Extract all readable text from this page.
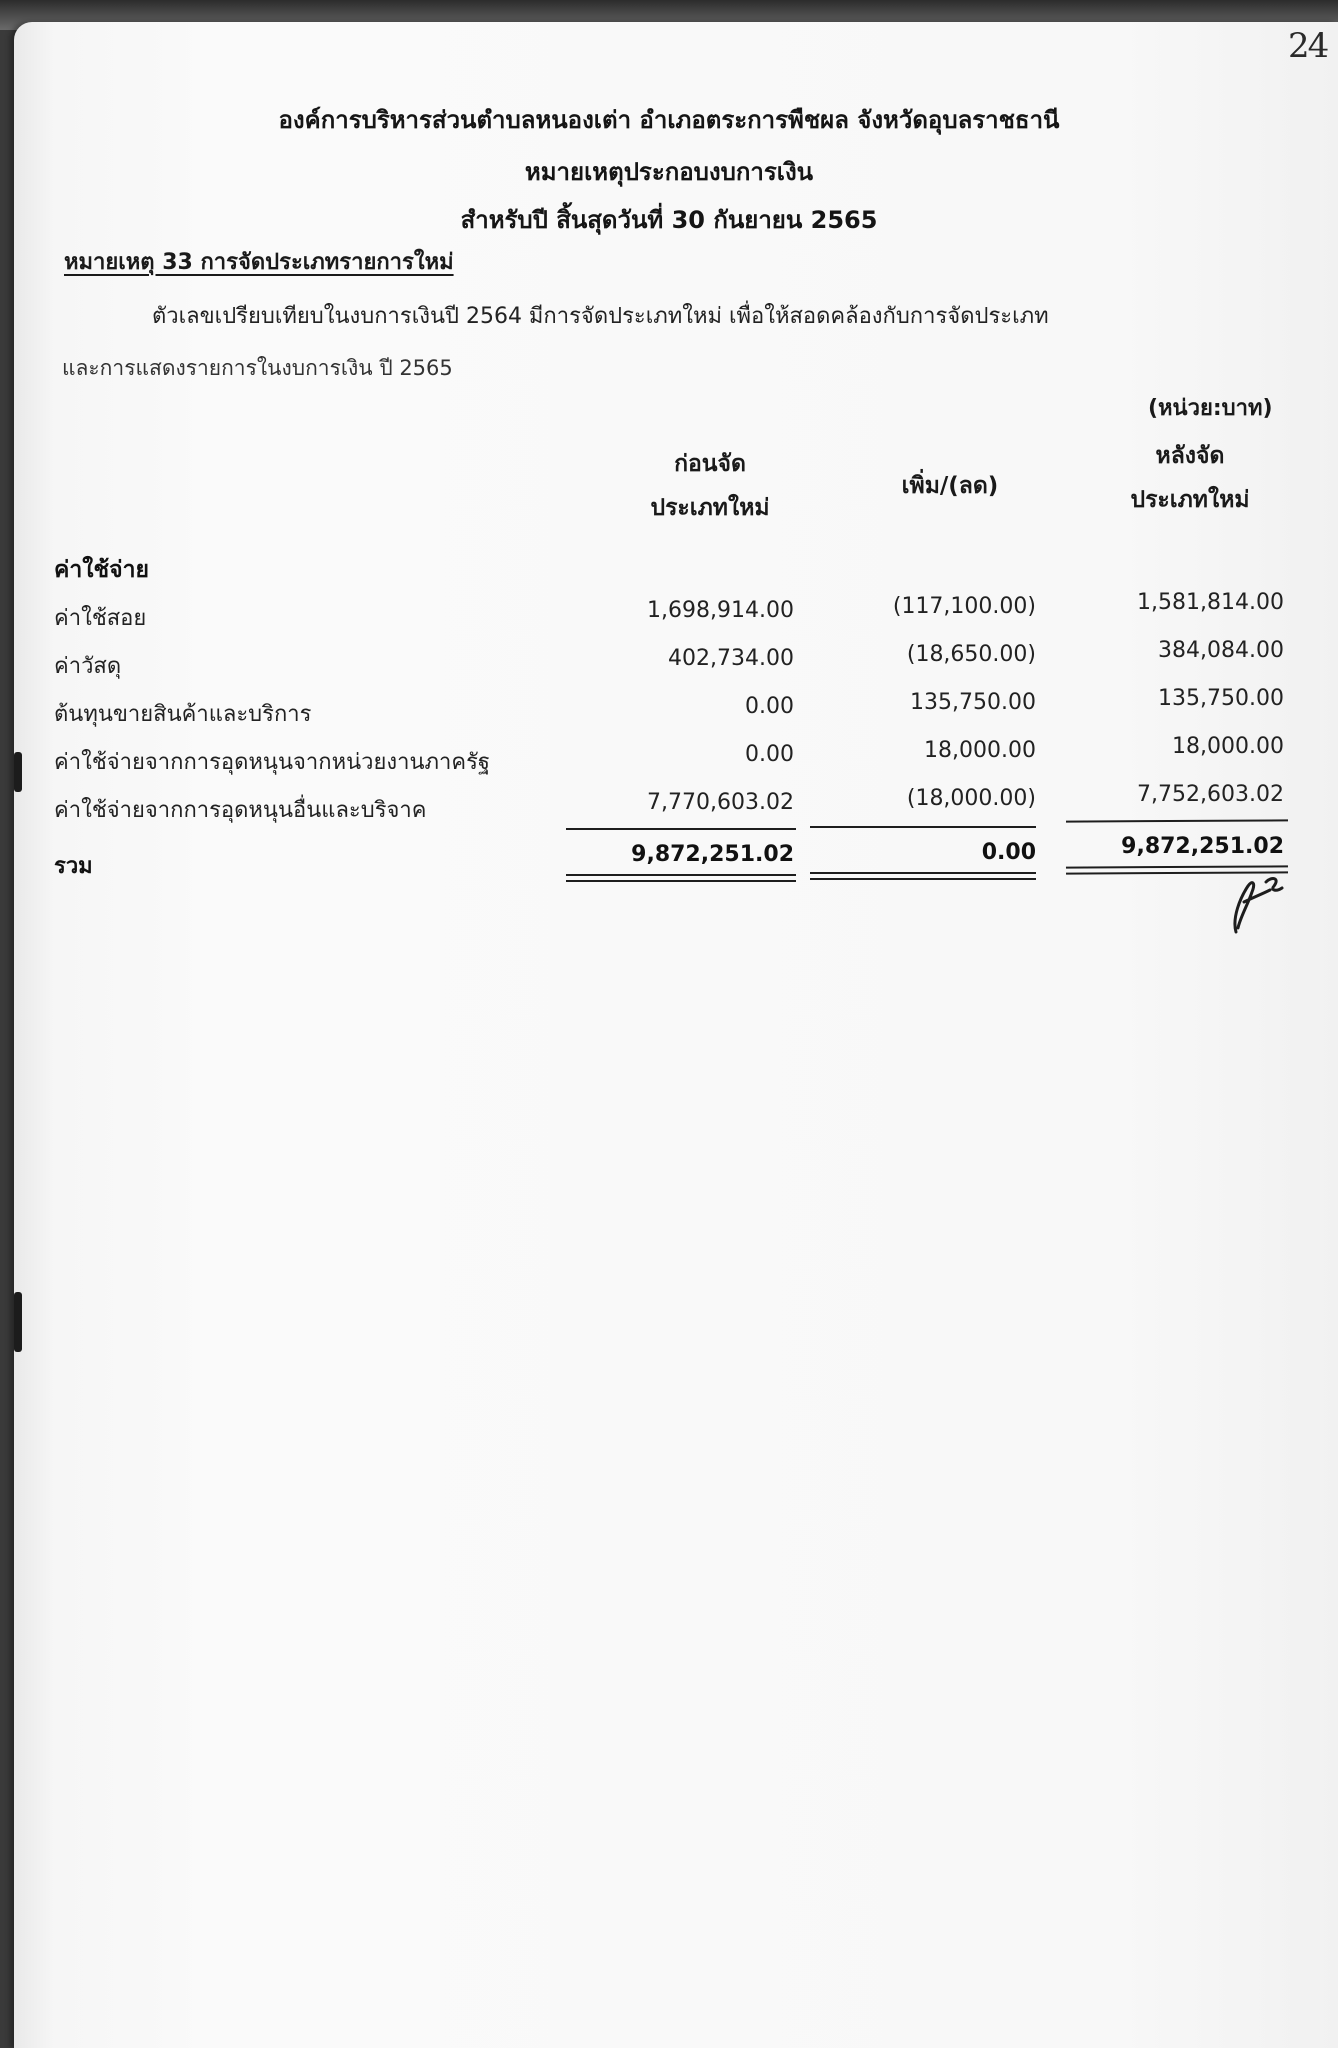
24
องค์การบริหารส่วนตำบลหนองเต่า อำเภอตระการพืชผล จังหวัดอุบลราชธานี
หมายเหตุประกอบงบการเงิน
สำหรับปี สิ้นสุดวันที่ 30 กันยายน 2565
หมายเหตุ 33 การจัดประเภทรายการใหม่
ตัวเลขเปรียบเทียบในงบการเงินปี 2564 มีการจัดประเภทใหม่ เพื่อให้สอดคล้องกับการจัดประเภท
และการแสดงรายการในงบการเงิน ปี 2565
(หน่วย:บาท)
ก่อนจัด
ประเภทใหม่
เพิ่ม/(ลด)
หลังจัด
ประเภทใหม่
ค่าใช้จ่าย
ค่าใช้สอย	1,698,914.00	(117,100.00)	1,581,814.00
ค่าวัสดุ	402,734.00	(18,650.00)	384,084.00
ต้นทุนขายสินค้าและบริการ	0.00	135,750.00	135,750.00
ค่าใช้จ่ายจากการอุดหนุนจากหน่วยงานภาครัฐ	0.00	18,000.00	18,000.00
ค่าใช้จ่ายจากการอุดหนุนอื่นและบริจาค	7,770,603.02	(18,000.00)	7,752,603.02
รวม	9,872,251.02	0.00	9,872,251.02
